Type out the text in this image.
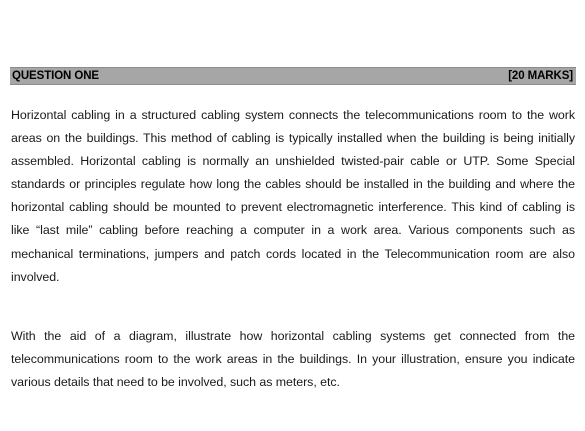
QUESTION ONE	[20 MARKS]

Horizontal cabling in a structured cabling system connects the telecommunications room to the work areas on the buildings. This method of cabling is typically installed when the building is being initially assembled. Horizontal cabling is normally an unshielded twisted-pair cable or UTP. Some Special standards or principles regulate how long the cables should be installed in the building and where the horizontal cabling should be mounted to prevent electromagnetic interference. This kind of cabling is like “last mile” cabling before reaching a computer in a work area. Various components such as mechanical terminations, jumpers and patch cords located in the Telecommunication room are also involved.

With the aid of a diagram, illustrate how horizontal cabling systems get connected from the telecommunications room to the work areas in the buildings. In your illustration, ensure you indicate various details that need to be involved, such as meters, etc.
